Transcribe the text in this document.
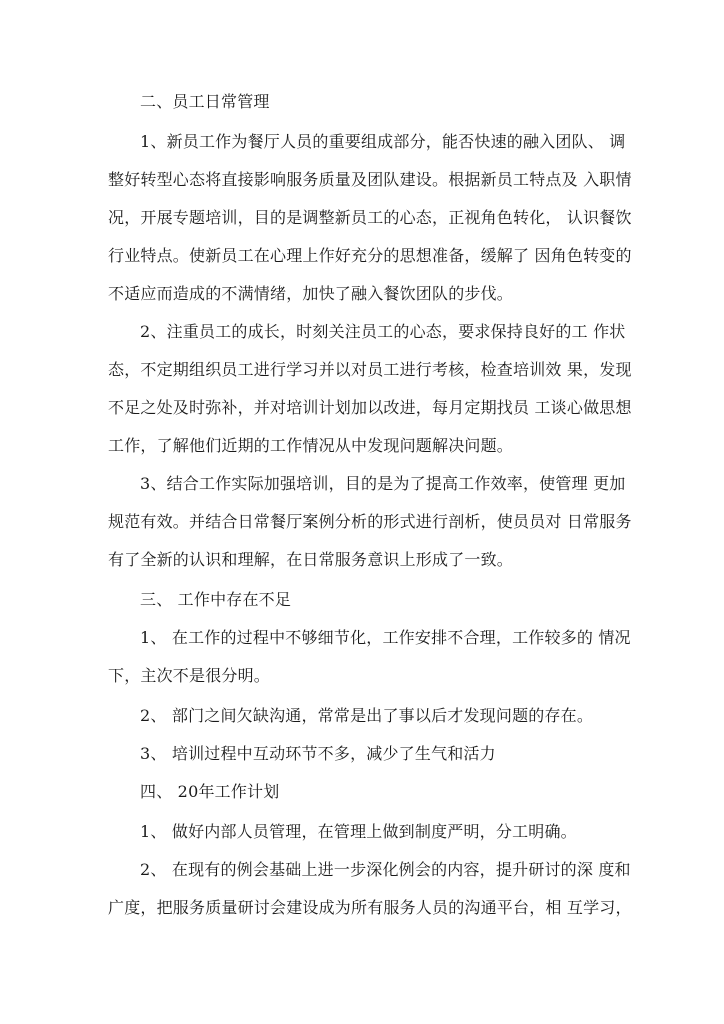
二、员工日常管理
1、新员工作为餐厅人员的重要组成部分，能否快速的融入团队、 调
整好转型心态将直接影响服务质量及团队建设。根据新员工特点及 入职情
况，开展专题培训，目的是调整新员工的心态，正视角色转化， 认识餐饮
行业特点。使新员工在心理上作好充分的思想准备，缓解了 因角色转变的
不适应而造成的不满情绪，加快了融入餐饮团队的步伐。
2、注重员工的成长，时刻关注员工的心态，要求保持良好的工 作状
态，不定期组织员工进行学习并以对员工进行考核，检查培训效 果，发现
不足之处及时弥补，并对培训计划加以改进，每月定期找员 工谈心做思想
工作，了解他们近期的工作情况从中发现问题解决问题。
3、结合工作实际加强培训，目的是为了提高工作效率，使管理 更加
规范有效。并结合日常餐厅案例分析的形式进行剖析，使员员对 日常服务
有了全新的认识和理解，在日常服务意识上形成了一致。
三、 工作中存在不足
1、 在工作的过程中不够细节化，工作安排不合理，工作较多的 情况
下，主次不是很分明。
2、 部门之间欠缺沟通，常常是出了事以后才发现问题的存在。
3、 培训过程中互动环节不多，减少了生气和活力
四、 20年工作计划
1、 做好内部人员管理，在管理上做到制度严明，分工明确。
2、 在现有的例会基础上进一步深化例会的内容，提升研讨的深 度和
广度，把服务质量研讨会建设成为所有服务人员的沟通平台，相 互学习，
